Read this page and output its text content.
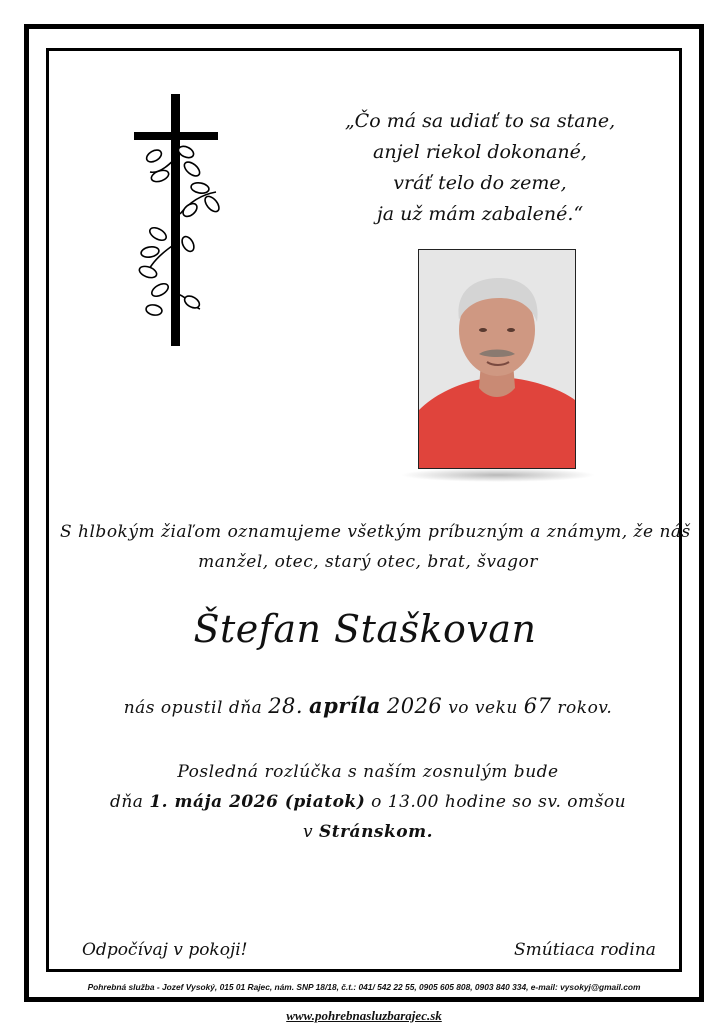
„Čo má sa udiať to sa stane,
anjel riekol dokonané,
vráť telo do zeme,
ja už mám zabalené.“
S hlbokým žiaľom oznamujeme všetkým príbuzným a známym, že náš
manžel, otec, starý otec, brat, švagor
Štefan Staškovan
nás opustil dňa 28. apríla 2026 vo veku 67 rokov.
Posledná rozlúčka s naším zosnulým bude
dňa 1. mája 2026 (piatok) o 13.00 hodine so sv. omšou
v Stránskom.
Odpočívaj v pokoji!	Smútiaca rodina
Pohrebná služba - Jozef Vysoký, 015 01 Rajec, nám. SNP 18/18, č.t.: 041/ 542 22 55, 0905 605 808, 0903 840 334, e-mail: vysokyj@gmail.com
www.pohrebnasluzbarajec.sk
